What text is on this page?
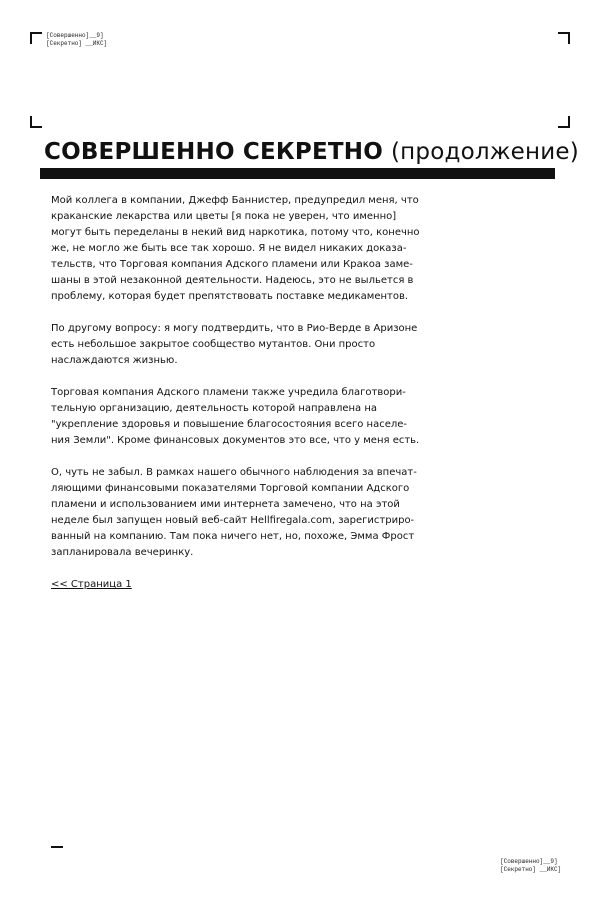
[Совершенно]__9]
[Секретно] __ИКС]
СОВЕРШЕННО СЕКРЕТНО (продолжение)

Мой коллега в компании, Джефф Баннистер, предупредил меня, что
краканские лекарства или цветы [я пока не уверен, что именно]
могут быть переделаны в некий вид наркотика, потому что, конечно
же, не могло же быть все так хорошо. Я не видел никаких доказа-
тельств, что Торговая компания Адского пламени или Кракоа заме-
шаны в этой незаконной деятельности. Надеюсь, это не выльется в
проблему, которая будет препятствовать поставке медикаментов.

По другому вопросу: я могу подтвердить, что в Рио-Верде в Аризоне
есть небольшое закрытое сообщество мутантов. Они просто
наслаждаются жизнью.

Торговая компания Адского пламени также учредила благотвори-
тельную организацию, деятельность которой направлена на
"укрепление здоровья и повышение благосостояния всего населе-
ния Земли". Кроме финансовых документов это все, что у меня есть.

О, чуть не забыл. В рамках нашего обычного наблюдения за впечат-
ляющими финансовыми показателями Торговой компании Адского
пламени и использованием ими интернета замечено, что на этой
неделе был запущен новый веб-сайт Hellfiregala.com, зарегистриро-
ванный на компанию. Там пока ничего нет, но, похоже, Эмма Фрост
запланировала вечеринку.

<< Страница 1
[Совершенно]__9]
[Секретно] __ИКС]
